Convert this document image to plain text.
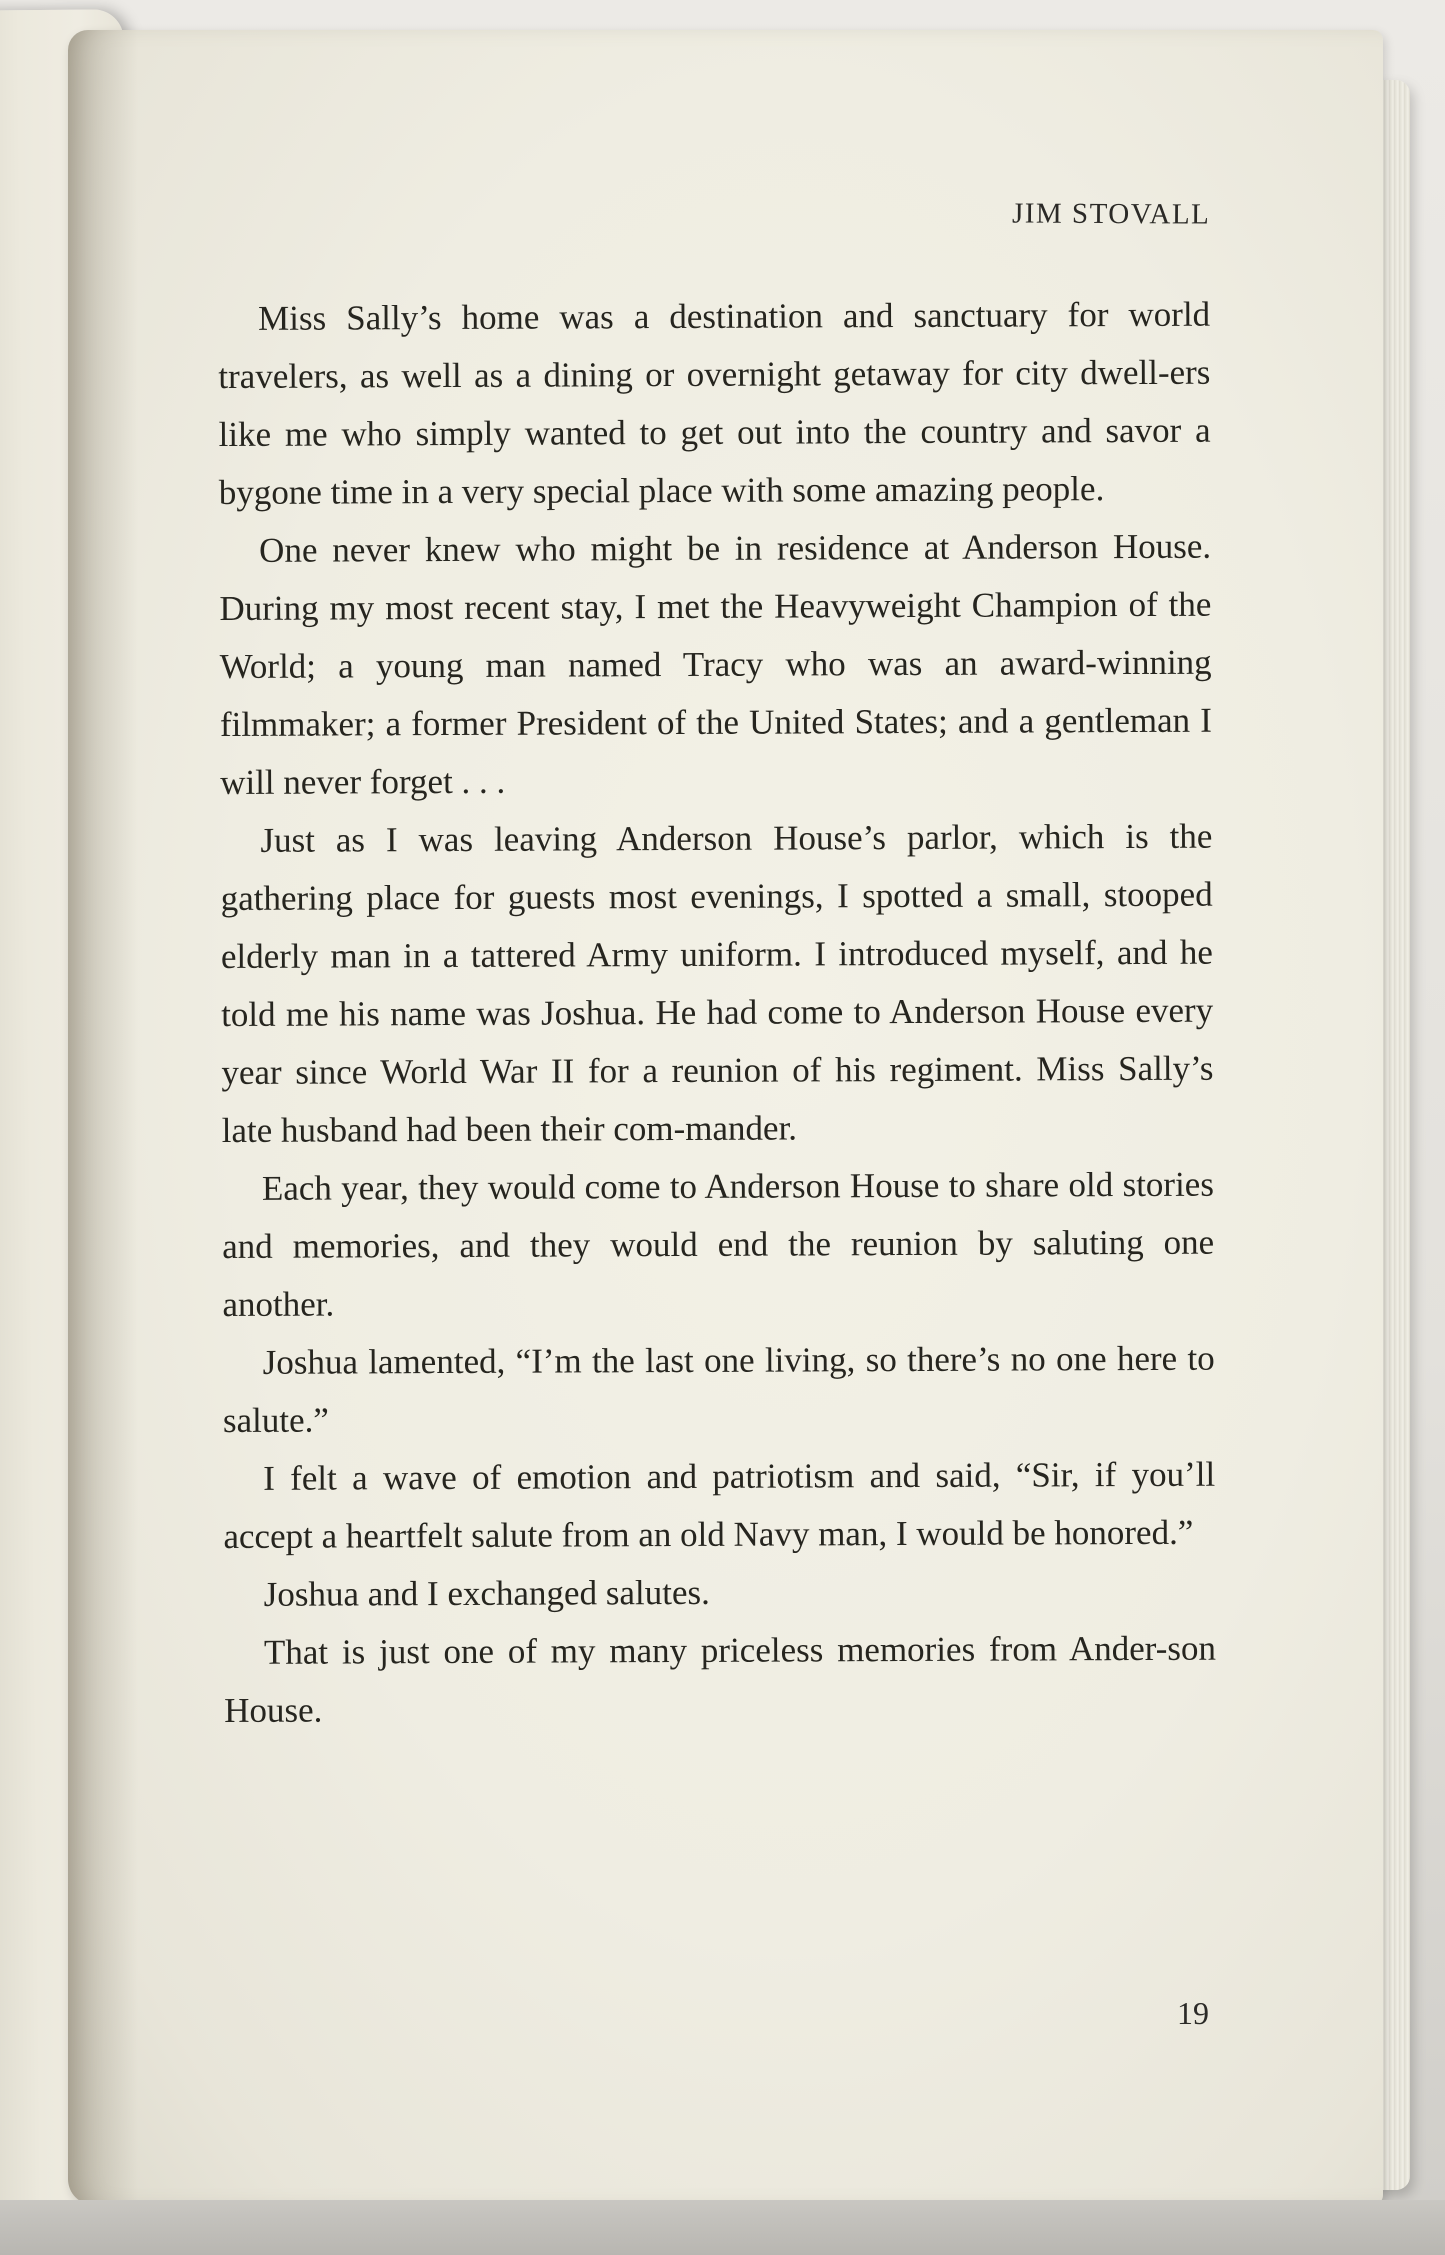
JIM STOVALL

Miss Sally’s home was a destination and sanctuary for world travelers, as well as a dining or overnight getaway for city dwell-ers like me who simply wanted to get out into the country and savor a bygone time in a very special place with some amazing people.

One never knew who might be in residence at Anderson House. During my most recent stay, I met the Heavyweight Champion of the World; a young man named Tracy who was an award-winning filmmaker; a former President of the United States; and a gentleman I will never forget . . .

Just as I was leaving Anderson House’s parlor, which is the gathering place for guests most evenings, I spotted a small, stooped elderly man in a tattered Army uniform. I introduced myself, and he told me his name was Joshua. He had come to Anderson House every year since World War II for a reunion of his regiment. Miss Sally’s late husband had been their com-mander.

Each year, they would come to Anderson House to share old stories and memories, and they would end the reunion by saluting one another.

Joshua lamented, “I’m the last one living, so there’s no one here to salute.”

I felt a wave of emotion and patriotism and said, “Sir, if you’ll accept a heartfelt salute from an old Navy man, I would be honored.”

Joshua and I exchanged salutes.

That is just one of my many priceless memories from Ander-son House.

19
